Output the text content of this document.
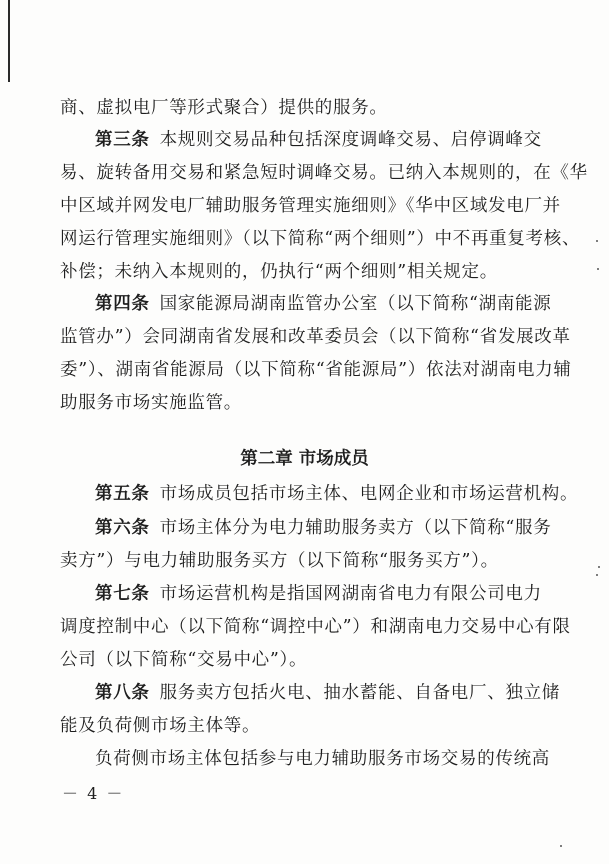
商、虚拟电厂等形式聚合）提供的服务。

第三条 本规则交易品种包括深度调峰交易、启停调峰交

易、旋转备用交易和紧急短时调峰交易。已纳入本规则的，在《华

中区域并网发电厂辅助服务管理实施细则》《华中区域发电厂并

网运行管理实施细则》（以下简称“两个细则”）中不再重复考核、

补偿；未纳入本规则的，仍执行“两个细则”相关规定。

第四条 国家能源局湖南监管办公室（以下简称“湖南能源

监管办”）会同湖南省发展和改革委员会（以下简称“省发展改革

委”）、湖南省能源局（以下简称“省能源局”）依法对湖南电力辅

助服务市场实施监管。

第二章 市场成员

第五条 市场成员包括市场主体、电网企业和市场运营机构。

第六条 市场主体分为电力辅助服务卖方（以下简称“服务

卖方”）与电力辅助服务买方（以下简称“服务买方”）。

第七条 市场运营机构是指国网湖南省电力有限公司电力

调度控制中心（以下简称“调控中心”）和湖南电力交易中心有限

公司（以下简称“交易中心”）。

第八条 服务卖方包括火电、抽水蓄能、自备电厂、独立储

能及负荷侧市场主体等。

负荷侧市场主体包括参与电力辅助服务市场交易的传统高

－ 4 －
